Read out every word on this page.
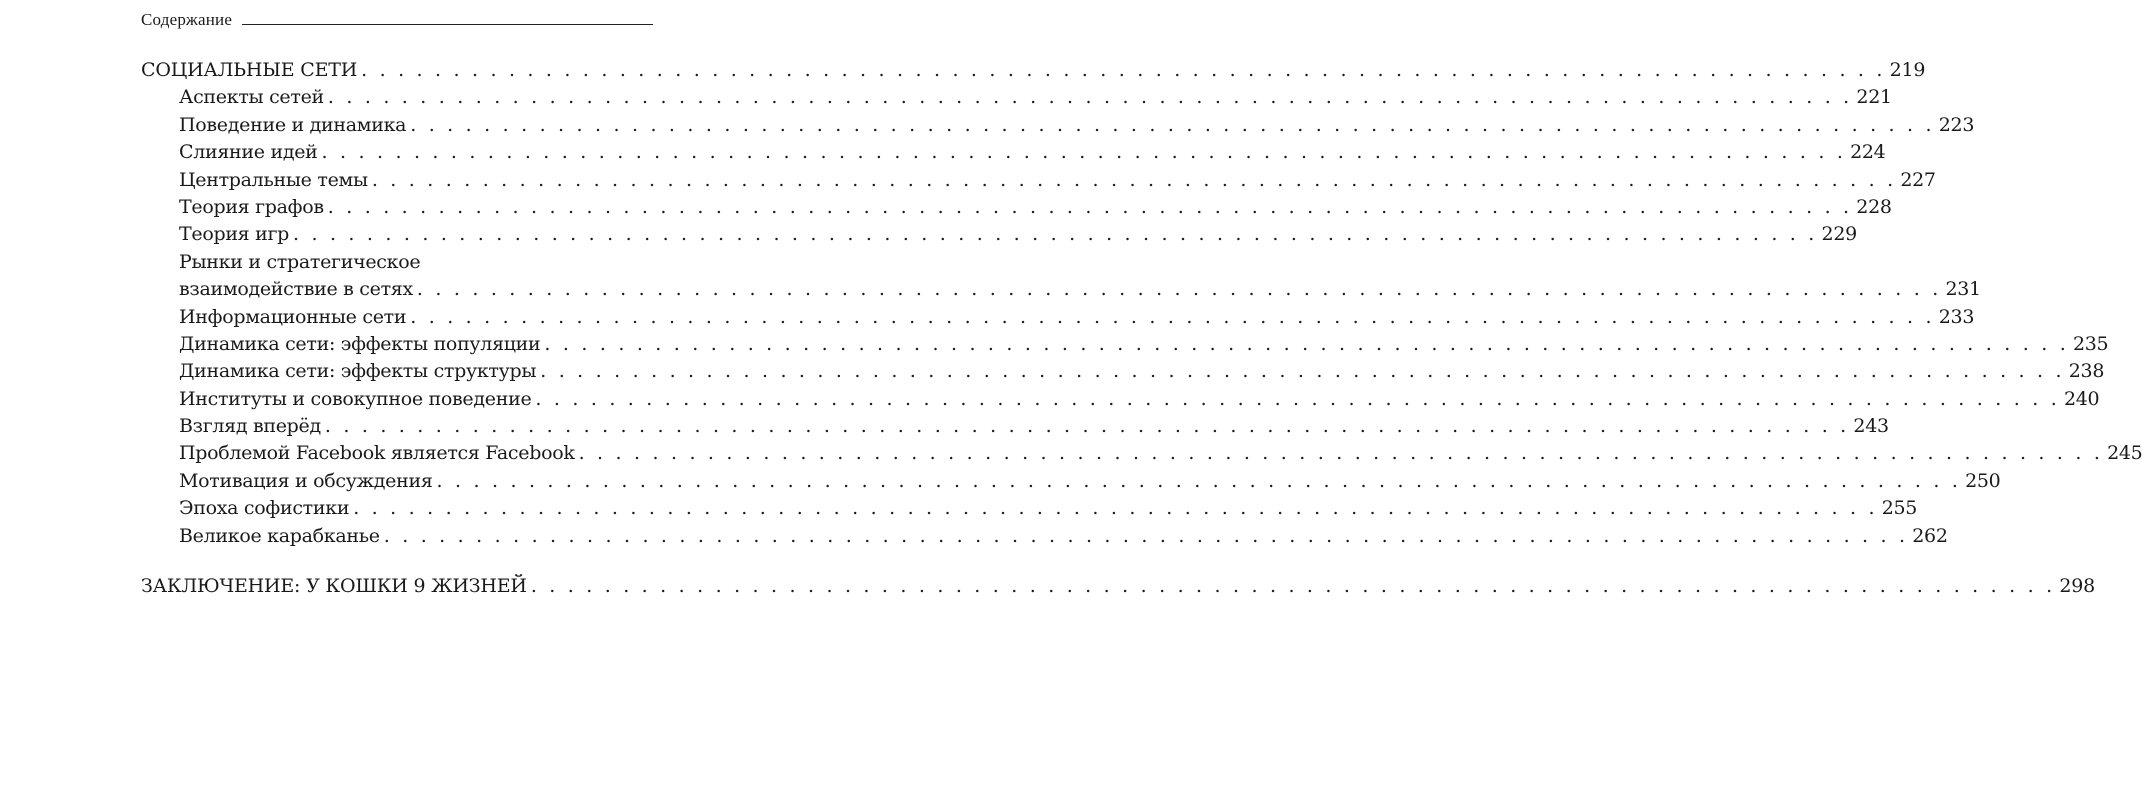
Содержание
СОЦИАЛЬНЫЕ СЕТИ . . . . . . . . . . . . . . . . . . . . . . . . . . . . . . . . . . . . . . . . . . . . . . . . . . . . . . . . . . . . . . . . . . . . . . . . . . . . . . . . . . . 219
Аспекты сетей . . . . . . . . . . . . . . . . . . . . . . . . . . . . . . . . . . . . . . . . . . . . . . . . . . . . . . . . . . . . . . . . . . . . . . . . . . . . . . . . . . . 221
Поведение и динамика . . . . . . . . . . . . . . . . . . . . . . . . . . . . . . . . . . . . . . . . . . . . . . . . . . . . . . . . . . . . . . . . . . . . . . . . . . . . . . . . . . . 223
Слияние идей . . . . . . . . . . . . . . . . . . . . . . . . . . . . . . . . . . . . . . . . . . . . . . . . . . . . . . . . . . . . . . . . . . . . . . . . . . . . . . . . . . . 224
Центральные темы . . . . . . . . . . . . . . . . . . . . . . . . . . . . . . . . . . . . . . . . . . . . . . . . . . . . . . . . . . . . . . . . . . . . . . . . . . . . . . . . . . . 227
Теория графов . . . . . . . . . . . . . . . . . . . . . . . . . . . . . . . . . . . . . . . . . . . . . . . . . . . . . . . . . . . . . . . . . . . . . . . . . . . . . . . . . . . 228
Теория игр . . . . . . . . . . . . . . . . . . . . . . . . . . . . . . . . . . . . . . . . . . . . . . . . . . . . . . . . . . . . . . . . . . . . . . . . . . . . . . . . . . . 229
Рынки и стратегическое
взаимодействие в сетях . . . . . . . . . . . . . . . . . . . . . . . . . . . . . . . . . . . . . . . . . . . . . . . . . . . . . . . . . . . . . . . . . . . . . . . . . . . . . . . . . . . 231
Информационные сети . . . . . . . . . . . . . . . . . . . . . . . . . . . . . . . . . . . . . . . . . . . . . . . . . . . . . . . . . . . . . . . . . . . . . . . . . . . . . . . . . . . 233
Динамика сети: эффекты популяции . . . . . . . . . . . . . . . . . . . . . . . . . . . . . . . . . . . . . . . . . . . . . . . . . . . . . . . . . . . . . . . . . . . . . . . . . . . . . . . . . . . 235
Динамика сети: эффекты структуры . . . . . . . . . . . . . . . . . . . . . . . . . . . . . . . . . . . . . . . . . . . . . . . . . . . . . . . . . . . . . . . . . . . . . . . . . . . . . . . . . . . 238
Институты и совокупное поведение . . . . . . . . . . . . . . . . . . . . . . . . . . . . . . . . . . . . . . . . . . . . . . . . . . . . . . . . . . . . . . . . . . . . . . . . . . . . . . . . . . . 240
Взгляд вперёд . . . . . . . . . . . . . . . . . . . . . . . . . . . . . . . . . . . . . . . . . . . . . . . . . . . . . . . . . . . . . . . . . . . . . . . . . . . . . . . . . . . 243
Проблемой Facebook является Facebook . . . . . . . . . . . . . . . . . . . . . . . . . . . . . . . . . . . . . . . . . . . . . . . . . . . . . . . . . . . . . . . . . . . . . . . . . . . . . . . . . . . 245
Мотивация и обсуждения . . . . . . . . . . . . . . . . . . . . . . . . . . . . . . . . . . . . . . . . . . . . . . . . . . . . . . . . . . . . . . . . . . . . . . . . . . . . . . . . . . . 250
Эпоха софистики . . . . . . . . . . . . . . . . . . . . . . . . . . . . . . . . . . . . . . . . . . . . . . . . . . . . . . . . . . . . . . . . . . . . . . . . . . . . . . . . . . . 255
Великое карабканье . . . . . . . . . . . . . . . . . . . . . . . . . . . . . . . . . . . . . . . . . . . . . . . . . . . . . . . . . . . . . . . . . . . . . . . . . . . . . . . . . . . 262
ЗАКЛЮЧЕНИЕ: У КОШКИ 9 ЖИЗНЕЙ . . . . . . . . . . . . . . . . . . . . . . . . . . . . . . . . . . . . . . . . . . . . . . . . . . . . . . . . . . . . . . . . . . . . . . . . . . . . . . . . . . . 298
